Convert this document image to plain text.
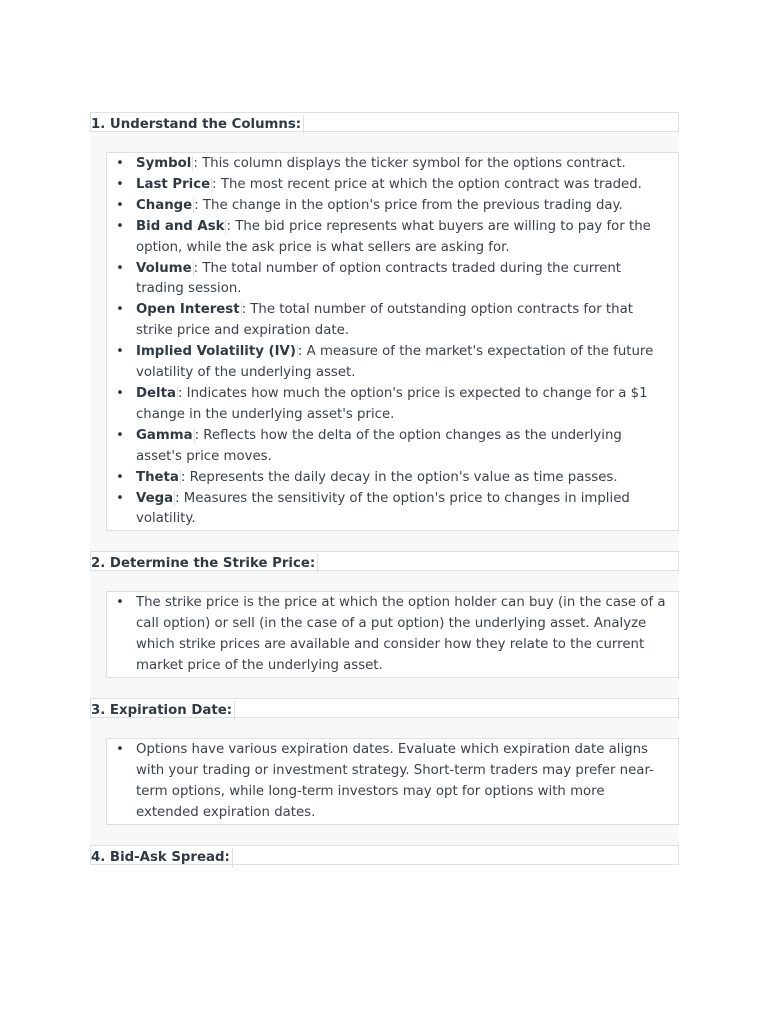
1. Understand the Columns:
• Symbol : This column displays the ticker symbol for the options contract.
• Last Price : The most recent price at which the option contract was traded.
• Change : The change in the option's price from the previous trading day.
• Bid and Ask : The bid price represents what buyers are willing to pay for the option, while the ask price is what sellers are asking for.
• Volume : The total number of option contracts traded during the current trading session.
• Open Interest : The total number of outstanding option contracts for that strike price and expiration date.
• Implied Volatility (IV) : A measure of the market's expectation of the future volatility of the underlying asset.
• Delta : Indicates how much the option's price is expected to change for a $1 change in the underlying asset's price.
• Gamma : Reflects how the delta of the option changes as the underlying asset's price moves.
• Theta : Represents the daily decay in the option's value as time passes.
• Vega : Measures the sensitivity of the option's price to changes in implied volatility.
2. Determine the Strike Price:
• The strike price is the price at which the option holder can buy (in the case of a call option) or sell (in the case of a put option) the underlying asset. Analyze which strike prices are available and consider how they relate to the current market price of the underlying asset.
3. Expiration Date:
• Options have various expiration dates. Evaluate which expiration date aligns with your trading or investment strategy. Short-term traders may prefer near-term options, while long-term investors may opt for options with more extended expiration dates.
4. Bid-Ask Spread:
